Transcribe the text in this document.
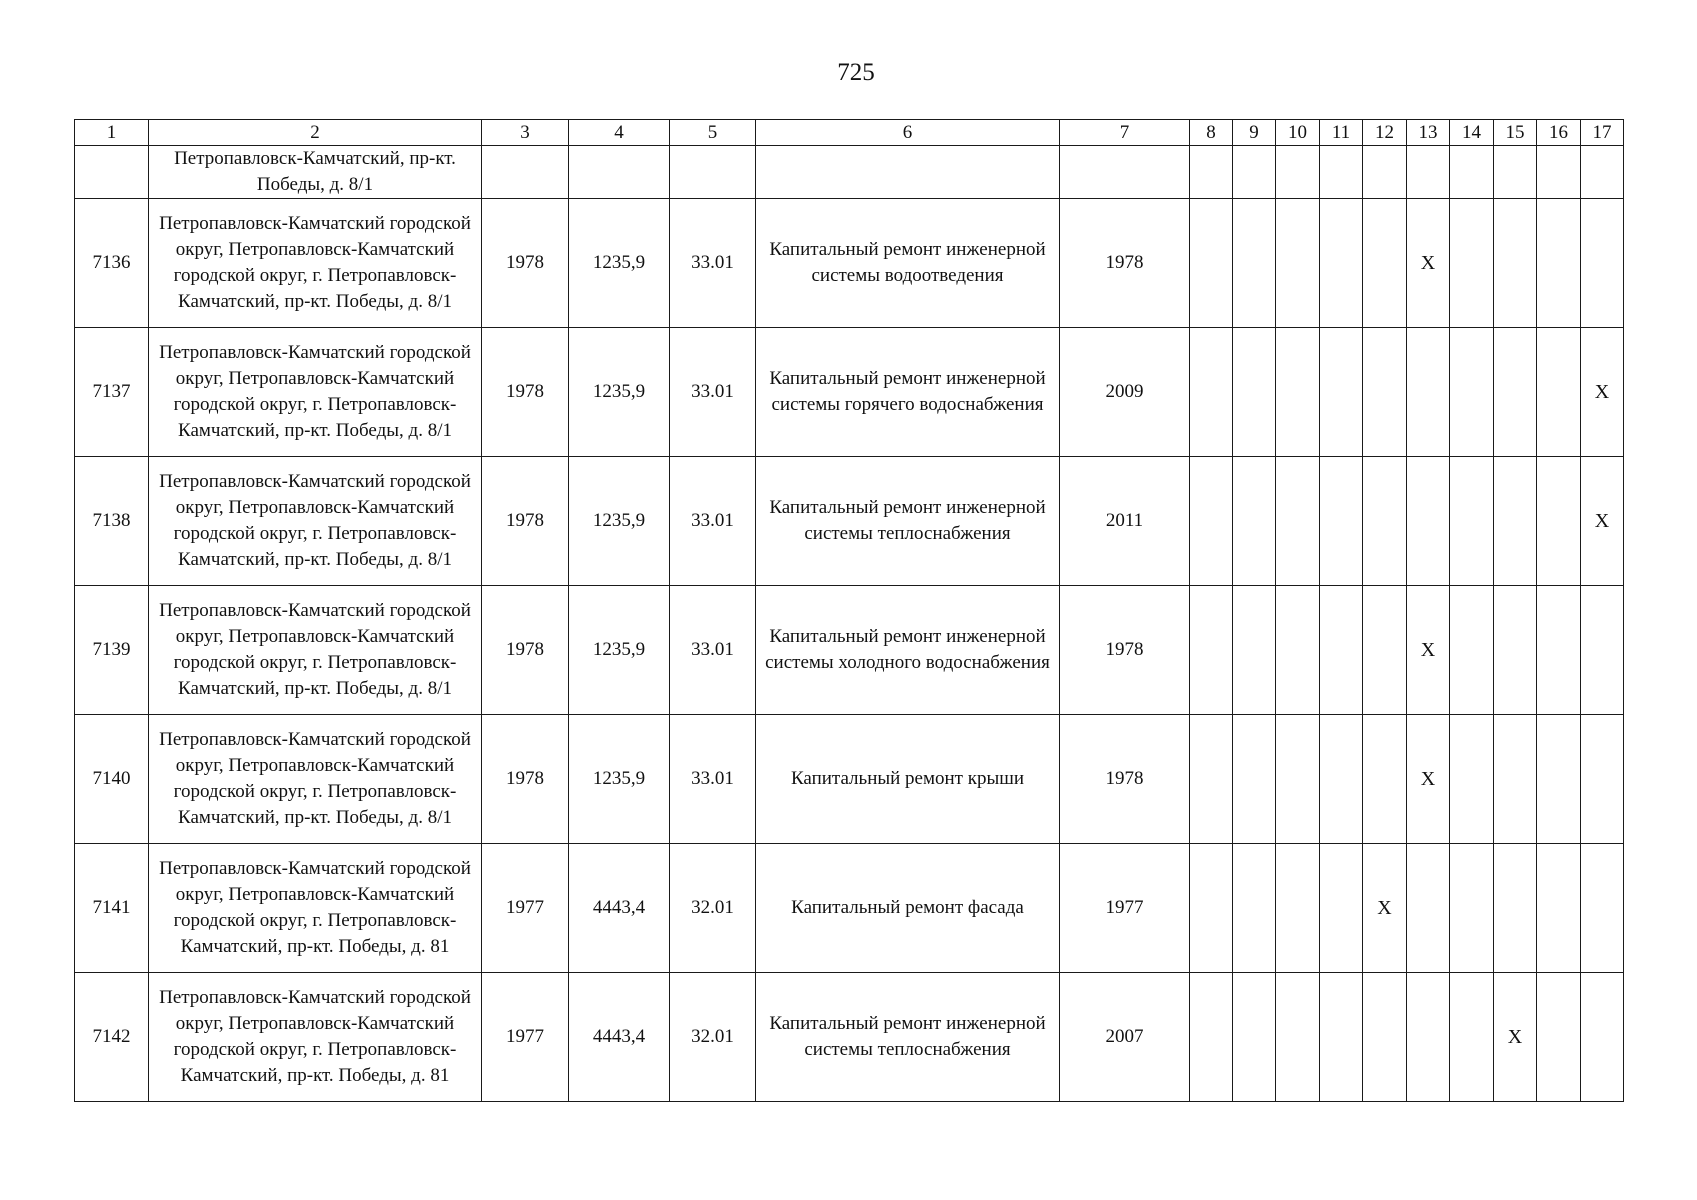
725
1	2	3	4	5	6	7	8	9	10	11	12	13	14	15	16	17
	Петропавловск-Камчатский, пр-кт. Победы, д. 8/1															
7136	Петропавловск-Камчатский городской округ, Петропавловск-Камчатский городской округ, г. Петропавловск-Камчатский, пр-кт. Победы, д. 8/1	1978	1235,9	33.01	Капитальный ремонт инженерной системы водоотведения	1978						X				
7137	Петропавловск-Камчатский городской округ, Петропавловск-Камчатский городской округ, г. Петропавловск-Камчатский, пр-кт. Победы, д. 8/1	1978	1235,9	33.01	Капитальный ремонт инженерной системы горячего водоснабжения	2009										X
7138	Петропавловск-Камчатский городской округ, Петропавловск-Камчатский городской округ, г. Петропавловск-Камчатский, пр-кт. Победы, д. 8/1	1978	1235,9	33.01	Капитальный ремонт инженерной системы теплоснабжения	2011										X
7139	Петропавловск-Камчатский городской округ, Петропавловск-Камчатский городской округ, г. Петропавловск-Камчатский, пр-кт. Победы, д. 8/1	1978	1235,9	33.01	Капитальный ремонт инженерной системы холодного водоснабжения	1978						X				
7140	Петропавловск-Камчатский городской округ, Петропавловск-Камчатский городской округ, г. Петропавловск-Камчатский, пр-кт. Победы, д. 8/1	1978	1235,9	33.01	Капитальный ремонт крыши	1978						X				
7141	Петропавловск-Камчатский городской округ, Петропавловск-Камчатский городской округ, г. Петропавловск-Камчатский, пр-кт. Победы, д. 81	1977	4443,4	32.01	Капитальный ремонт фасада	1977					X					
7142	Петропавловск-Камчатский городской округ, Петропавловск-Камчатский городской округ, г. Петропавловск-Камчатский, пр-кт. Победы, д. 81	1977	4443,4	32.01	Капитальный ремонт инженерной системы теплоснабжения	2007								X		
